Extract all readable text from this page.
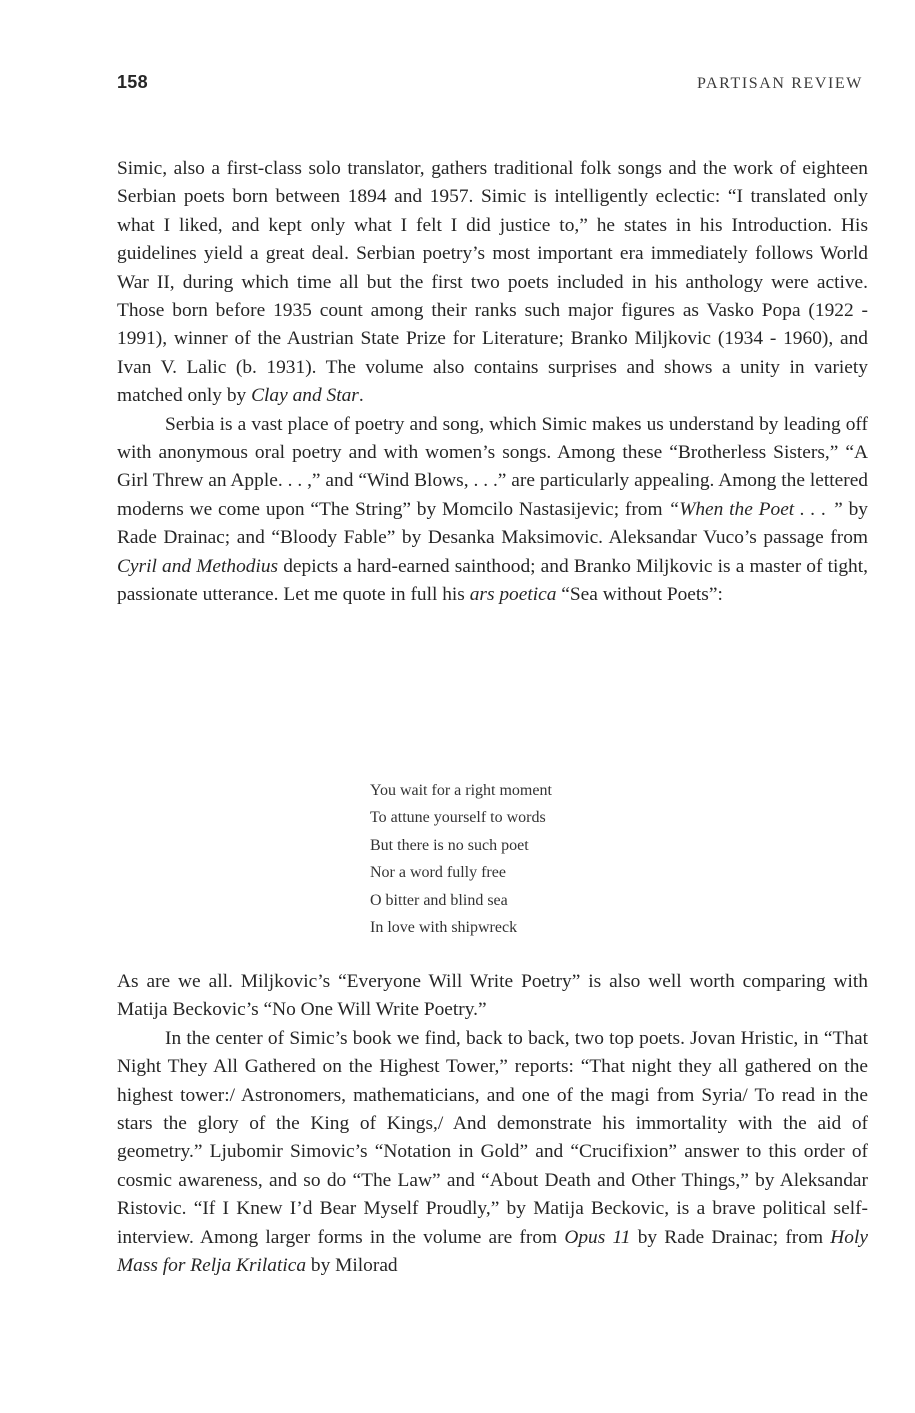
158	PARTISAN REVIEW

Simic, also a first-class solo translator, gathers traditional folk songs and the work of eighteen Serbian poets born between 1894 and 1957. Simic is intelligently eclectic: “I translated only what I liked, and kept only what I felt I did justice to,” he states in his Introduction. His guidelines yield a great deal. Serbian poetry’s most important era immediately follows World War II, during which time all but the first two poets included in his anthology were active. Those born before 1935 count among their ranks such major figures as Vasko Popa (1922 - 1991), winner of the Austrian State Prize for Literature; Branko Miljkovic (1934 - 1960), and Ivan V. Lalic (b. 1931). The volume also contains surprises and shows a unity in variety matched only by Clay and Star.

Serbia is a vast place of poetry and song, which Simic makes us understand by leading off with anonymous oral poetry and with women’s songs. Among these “Brotherless Sisters,” “A Girl Threw an Apple. . . ,” and “Wind Blows, . . .” are particularly appealing. Among the lettered moderns we come upon “The String” by Momcilo Nastasijevic; from “When the Poet . . . ” by Rade Drainac; and “Bloody Fable” by Desanka Maksimovic. Aleksandar Vuco’s passage from Cyril and Methodius depicts a hard-earned sainthood; and Branko Miljkovic is a master of tight, passionate utterance. Let me quote in full his ars poetica “Sea without Poets”:

You wait for a right moment
To attune yourself to words
But there is no such poet
Nor a word fully free
O bitter and blind sea
In love with shipwreck

As are we all. Miljkovic’s “Everyone Will Write Poetry” is also well worth comparing with Matija Beckovic’s “No One Will Write Poetry.”

In the center of Simic’s book we find, back to back, two top poets. Jovan Hristic, in “That Night They All Gathered on the Highest Tower,” reports: “That night they all gathered on the highest tower:/ Astronomers, mathematicians, and one of the magi from Syria/ To read in the stars the glory of the King of Kings,/ And demonstrate his immortality with the aid of geometry.” Ljubomir Simovic’s “Notation in Gold” and “Crucifixion” answer to this order of cosmic awareness, and so do “The Law” and “About Death and Other Things,” by Aleksandar Ristovic. “If I Knew I’d Bear Myself Proudly,” by Matija Beckovic, is a brave political self-interview. Among larger forms in the volume are from Opus 11 by Rade Drainac; from Holy Mass for Relja Krilatica by Milorad
